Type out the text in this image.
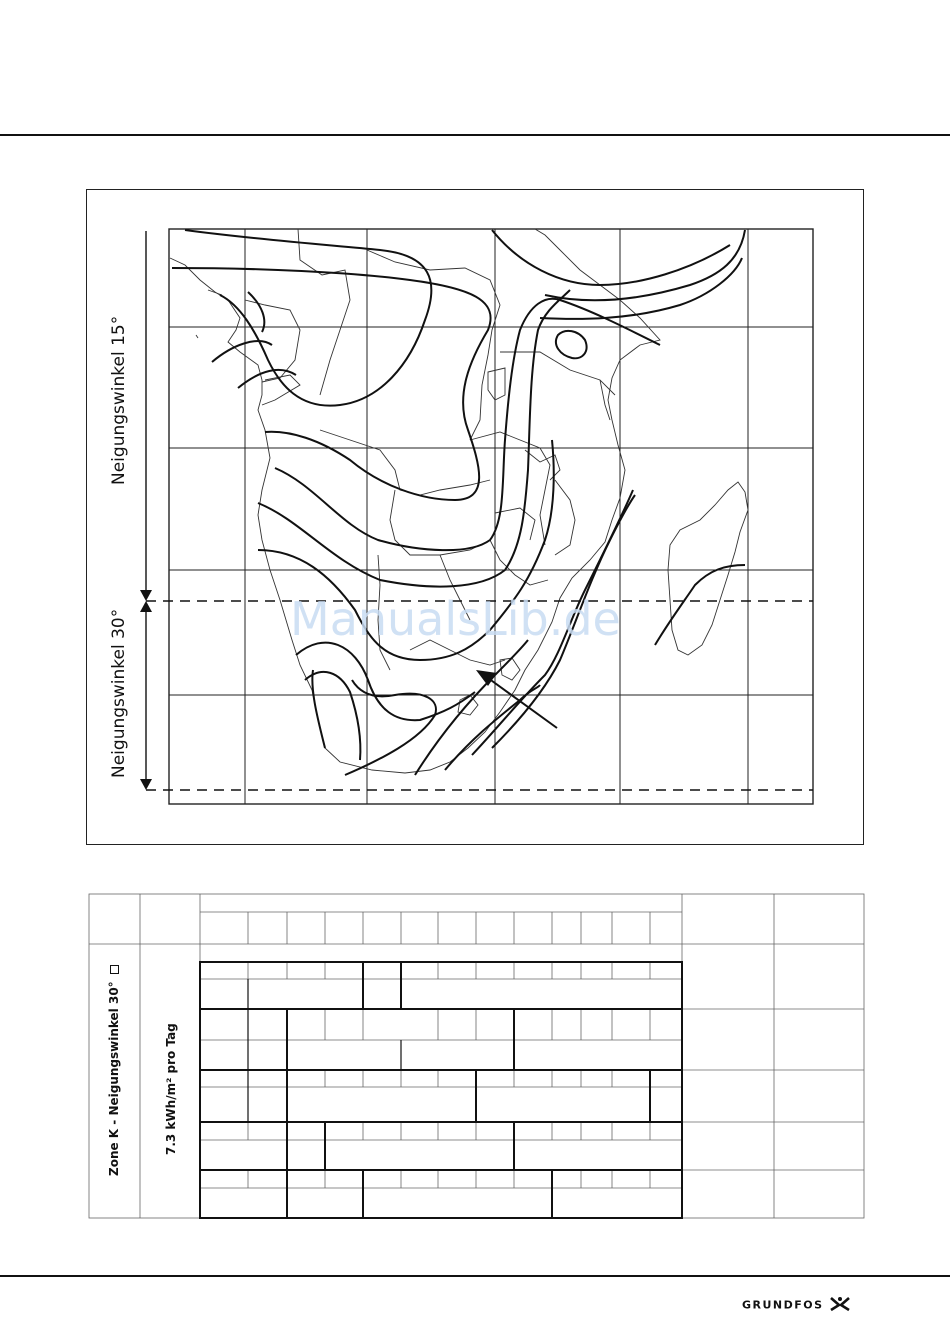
Neigungswinkel 15°
Neigungswinkel 30°	ManualsLib.de
Zone K - Neigungswinkel 30°	7.3 kWh/m² pro Tag
GRUNDFOS
